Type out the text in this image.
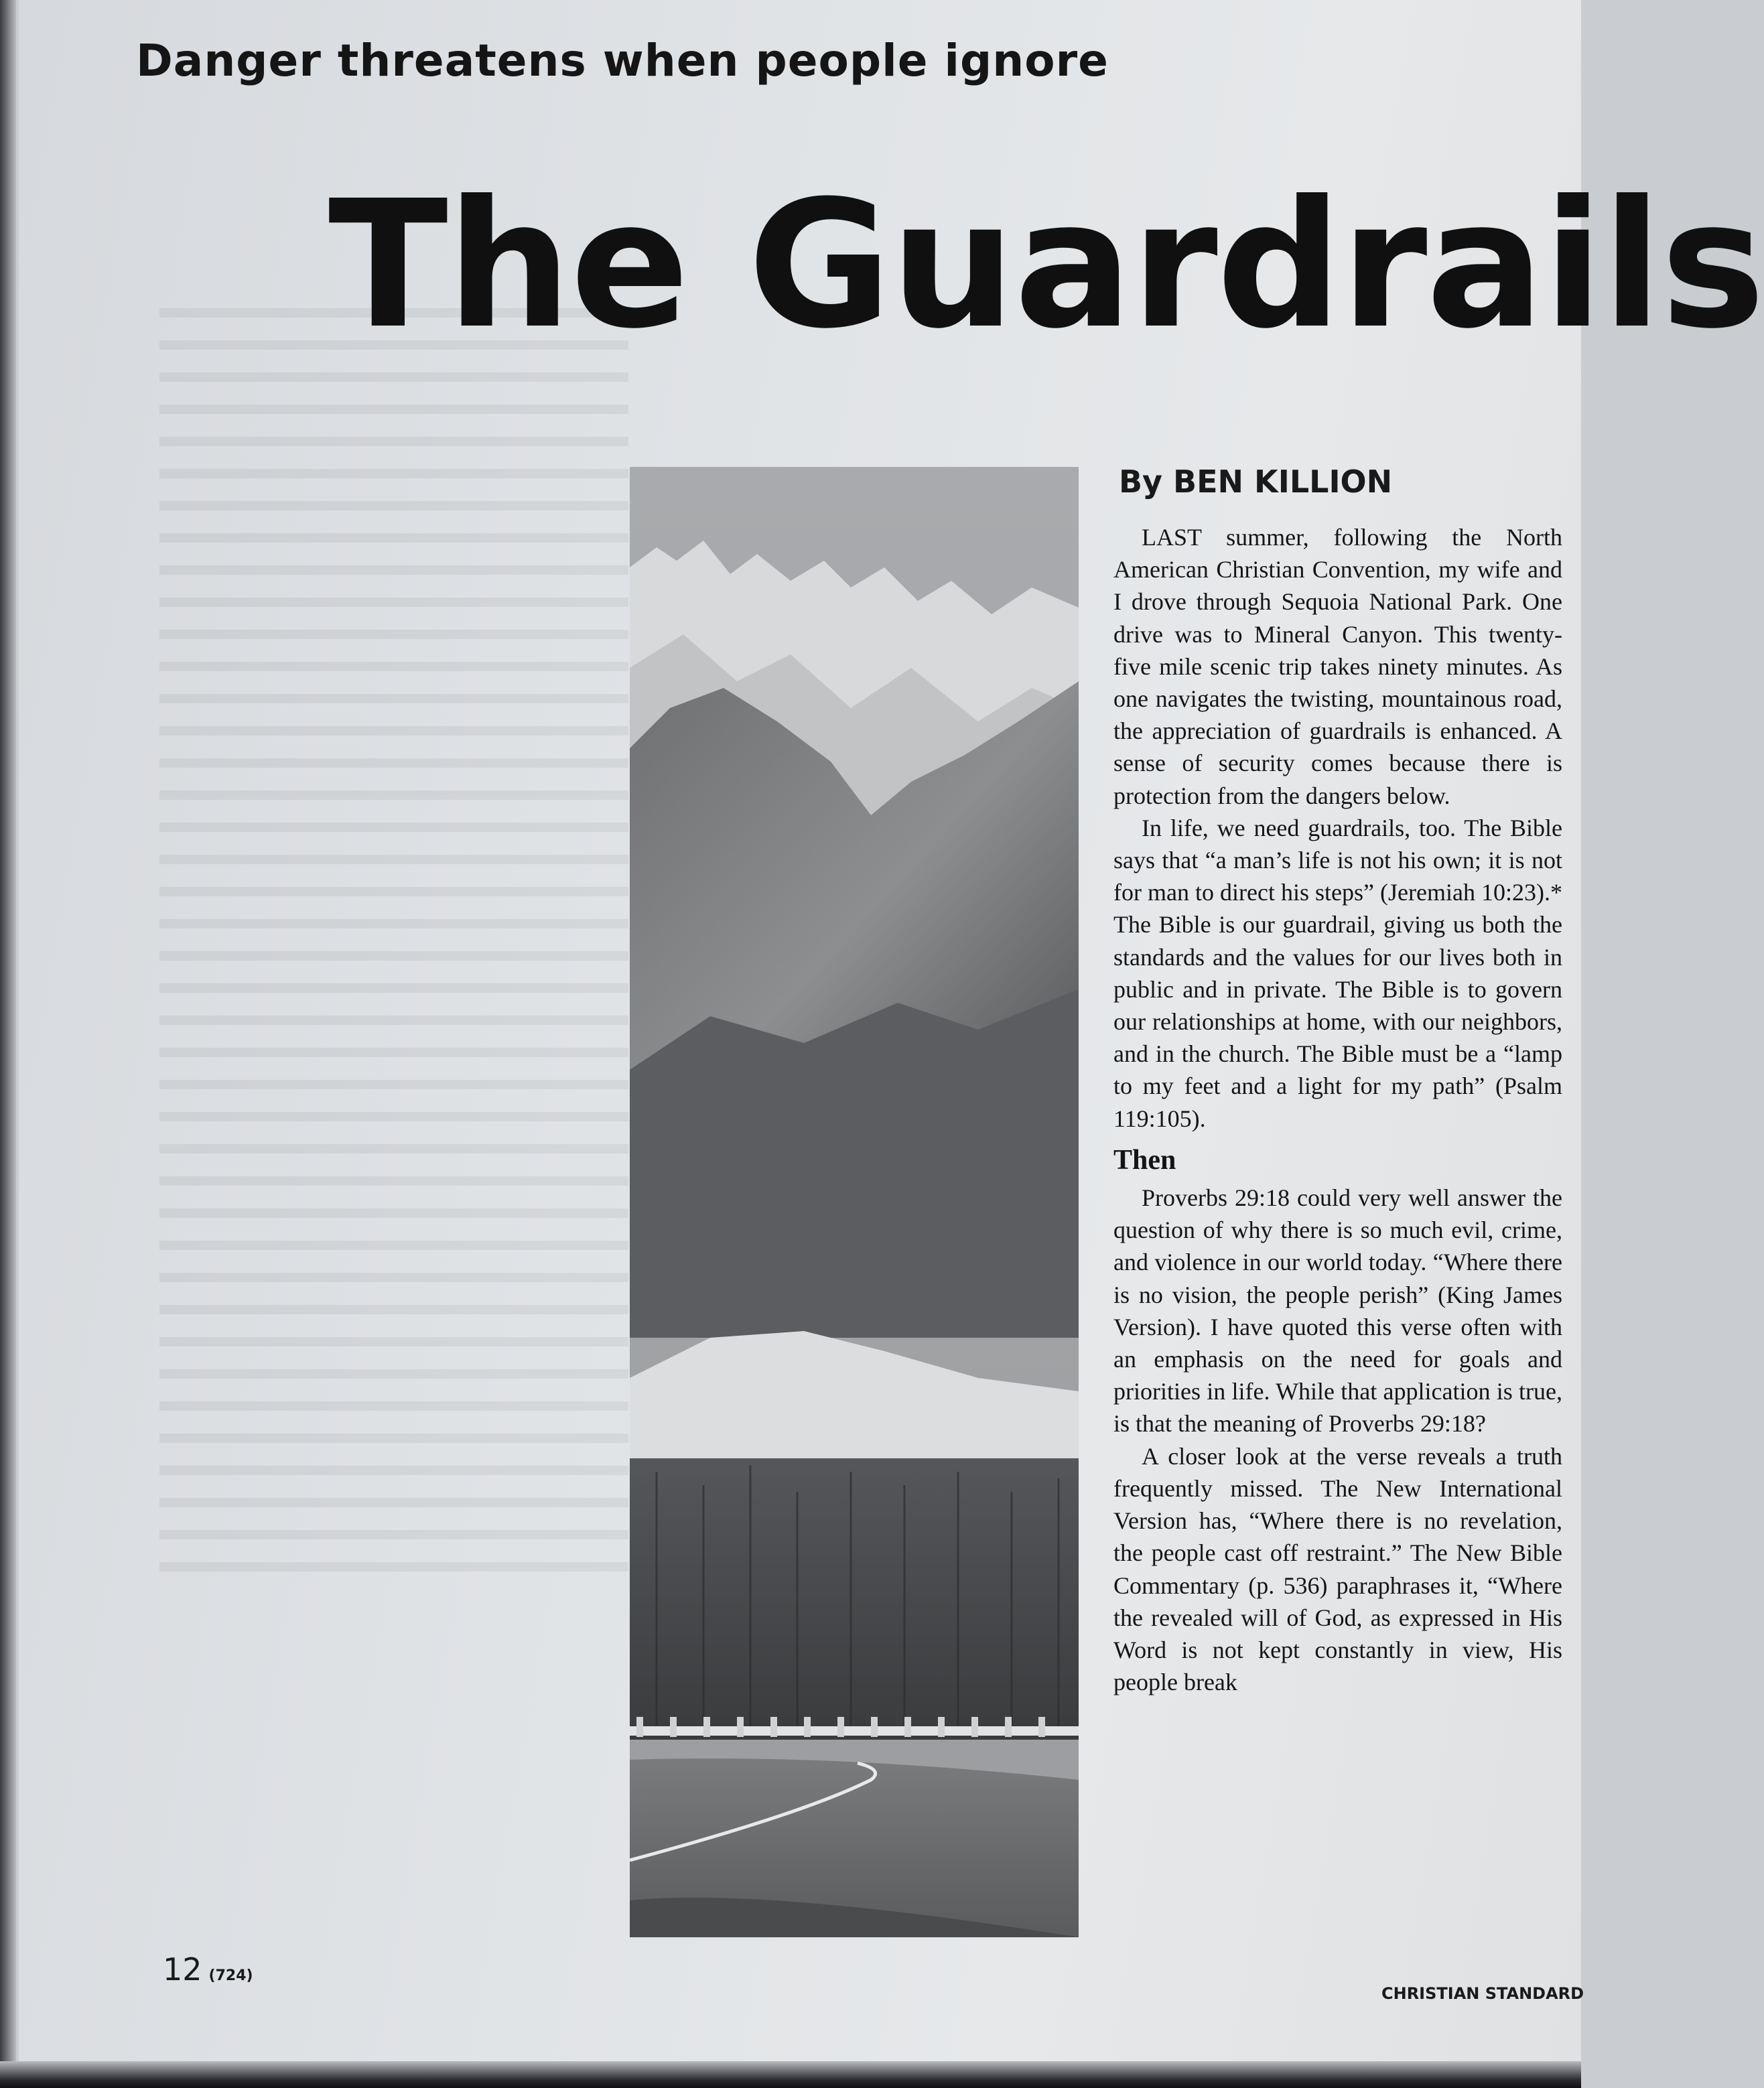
Danger threatens when people ignore
The Guardrails
By BEN KILLION

LAST summer, following the North American Christian Convention, my wife and I drove through Sequoia National Park. One drive was to Mineral Canyon. This twenty-five mile scenic trip takes ninety minutes. As one navigates the twisting, mountainous road, the appreciation of guardrails is enhanced. A sense of security comes because there is protection from the dangers below.

In life, we need guardrails, too. The Bible says that “a man’s life is not his own; it is not for man to direct his steps” (Jeremiah 10:23).* The Bible is our guardrail, giving us both the standards and the values for our lives both in public and in private. The Bible is to govern our relationships at home, with our neighbors, and in the church. The Bible must be a “lamp to my feet and a light for my path” (Psalm 119:105).

Then

Proverbs 29:18 could very well answer the question of why there is so much evil, crime, and violence in our world today. “Where there is no vision, the people perish” (King James Version). I have quoted this verse often with an emphasis on the need for goals and priorities in life. While that application is true, is that the meaning of Proverbs 29:18?

A closer look at the verse reveals a truth frequently missed. The New International Version has, “Where there is no revelation, the people cast off restraint.” The New Bible Commentary (p. 536) paraphrases it, “Where the revealed will of God, as expressed in His Word is not kept constantly in view, His people break

12 (724)
CHRISTIAN STANDARD
